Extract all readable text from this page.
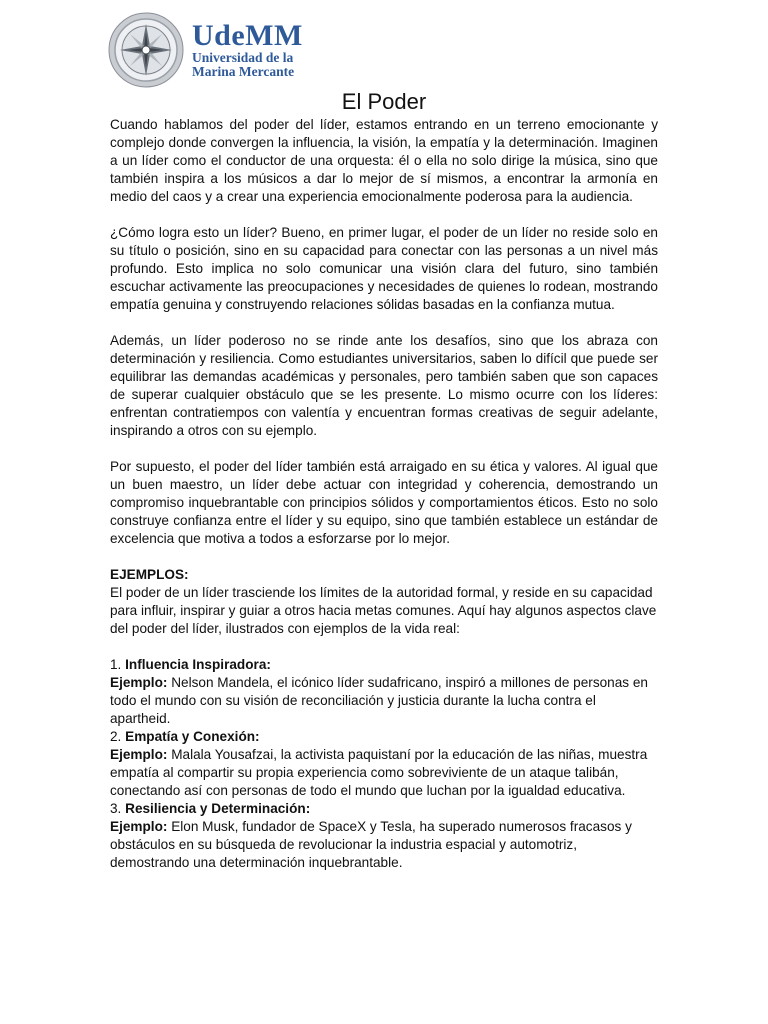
UdeMM
Universidad de la
Marina Mercante
El Poder

Cuando hablamos del poder del líder, estamos entrando en un terreno emocionante y complejo donde convergen la influencia, la visión, la empatía y la determinación. Imaginen a un líder como el conductor de una orquesta: él o ella no solo dirige la música, sino que también inspira a los músicos a dar lo mejor de sí mismos, a encontrar la armonía en medio del caos y a crear una experiencia emocionalmente poderosa para la audiencia.

¿Cómo logra esto un líder? Bueno, en primer lugar, el poder de un líder no reside solo en su título o posición, sino en su capacidad para conectar con las personas a un nivel más profundo. Esto implica no solo comunicar una visión clara del futuro, sino también escuchar activamente las preocupaciones y necesidades de quienes lo rodean, mostrando empatía genuina y construyendo relaciones sólidas basadas en la confianza mutua.

Además, un líder poderoso no se rinde ante los desafíos, sino que los abraza con determinación y resiliencia. Como estudiantes universitarios, saben lo difícil que puede ser equilibrar las demandas académicas y personales, pero también saben que son capaces de superar cualquier obstáculo que se les presente. Lo mismo ocurre con los líderes: enfrentan contratiempos con valentía y encuentran formas creativas de seguir adelante, inspirando a otros con su ejemplo.

Por supuesto, el poder del líder también está arraigado en su ética y valores. Al igual que un buen maestro, un líder debe actuar con integridad y coherencia, demostrando un compromiso inquebrantable con principios sólidos y comportamientos éticos. Esto no solo construye confianza entre el líder y su equipo, sino que también establece un estándar de excelencia que motiva a todos a esforzarse por lo mejor.

EJEMPLOS:

El poder de un líder trasciende los límites de la autoridad formal, y reside en su capacidad para influir, inspirar y guiar a otros hacia metas comunes. Aquí hay algunos aspectos clave del poder del líder, ilustrados con ejemplos de la vida real:

1. Influencia Inspiradora:

Ejemplo: Nelson Mandela, el icónico líder sudafricano, inspiró a millones de personas en todo el mundo con su visión de reconciliación y justicia durante la lucha contra el apartheid.

2. Empatía y Conexión:

Ejemplo: Malala Yousafzai, la activista paquistaní por la educación de las niñas, muestra empatía al compartir su propia experiencia como sobreviviente de un ataque talibán, conectando así con personas de todo el mundo que luchan por la igualdad educativa.

3. Resiliencia y Determinación:

Ejemplo: Elon Musk, fundador de SpaceX y Tesla, ha superado numerosos fracasos y obstáculos en su búsqueda de revolucionar la industria espacial y automotriz, demostrando una determinación inquebrantable.
